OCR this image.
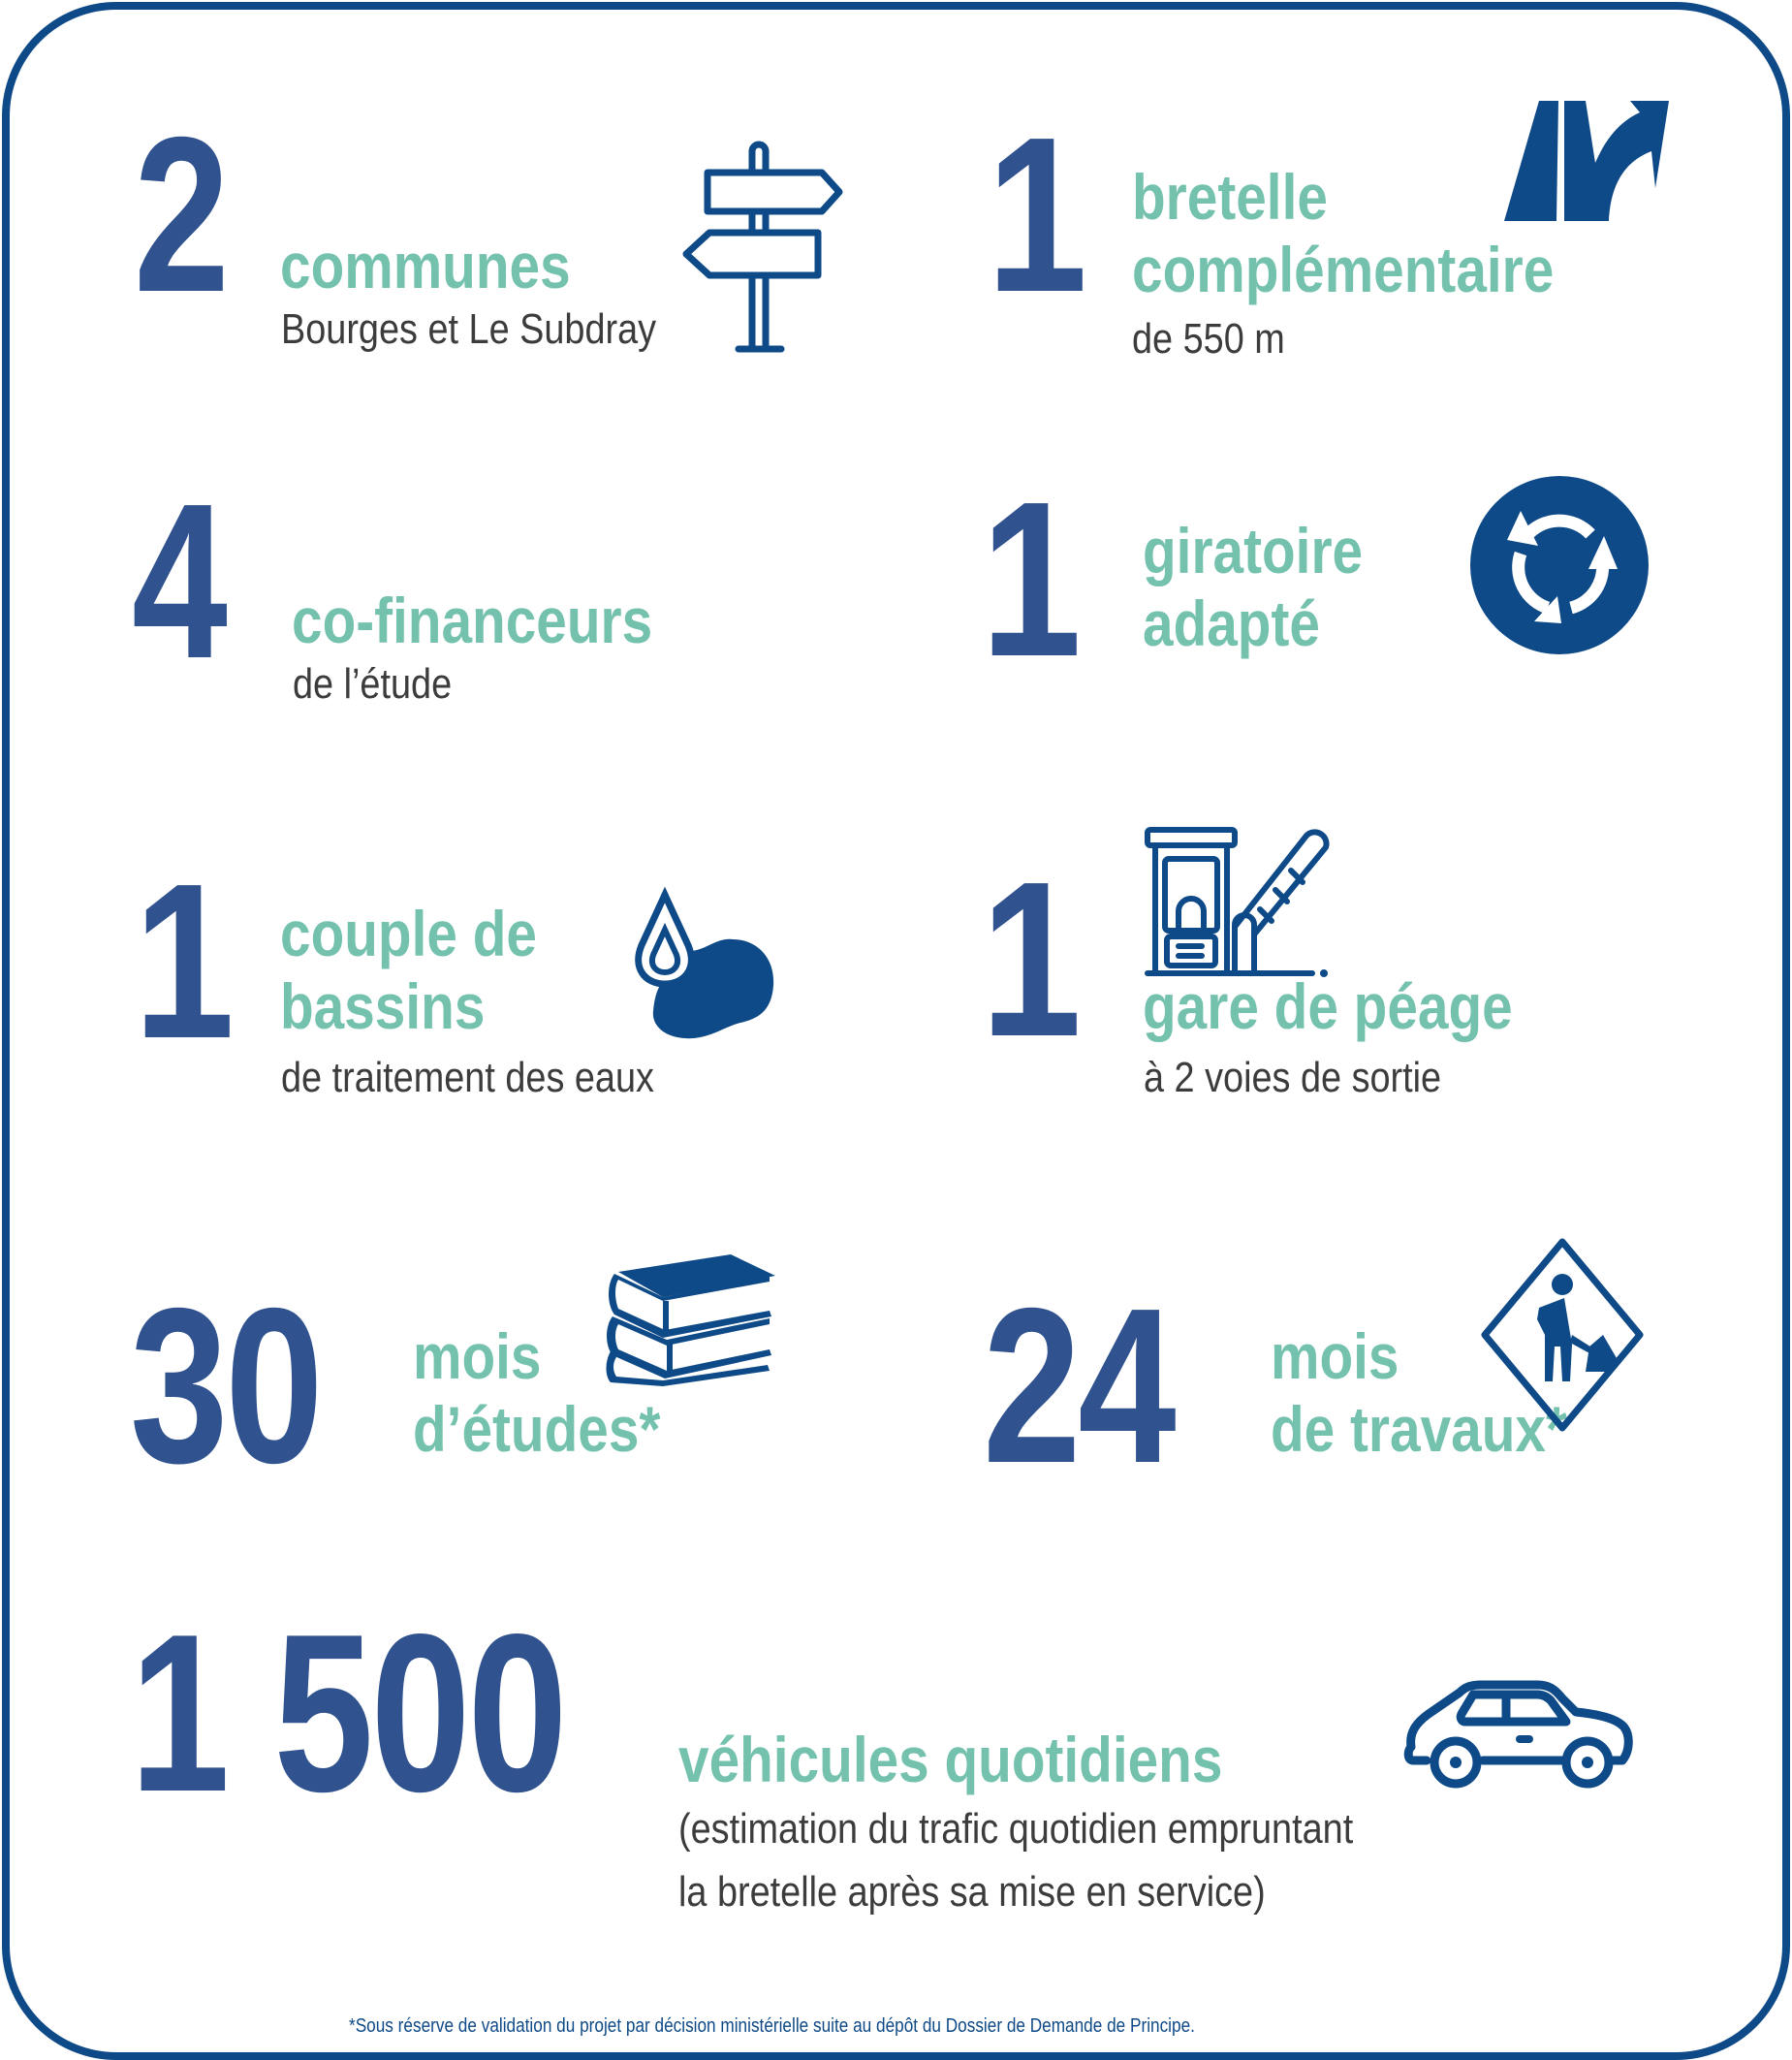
2 communes
Bourges et Le Subdray 1 bretelle
complémentaire
de 550 m
4 co-financeurs
de l’étude 1 giratoire
adapté
1 couple de
bassins
de traitement des eaux 1 gare de péage
à 2 voies de sortie
30 mois
d’études* 24 mois
de travaux*
1 500 véhicules quotidiens
(estimation du trafic quotidien empruntant
la bretelle après sa mise en service)
*Sous réserve de validation du projet par décision ministérielle suite au dépôt du Dossier de Demande de Principe.
